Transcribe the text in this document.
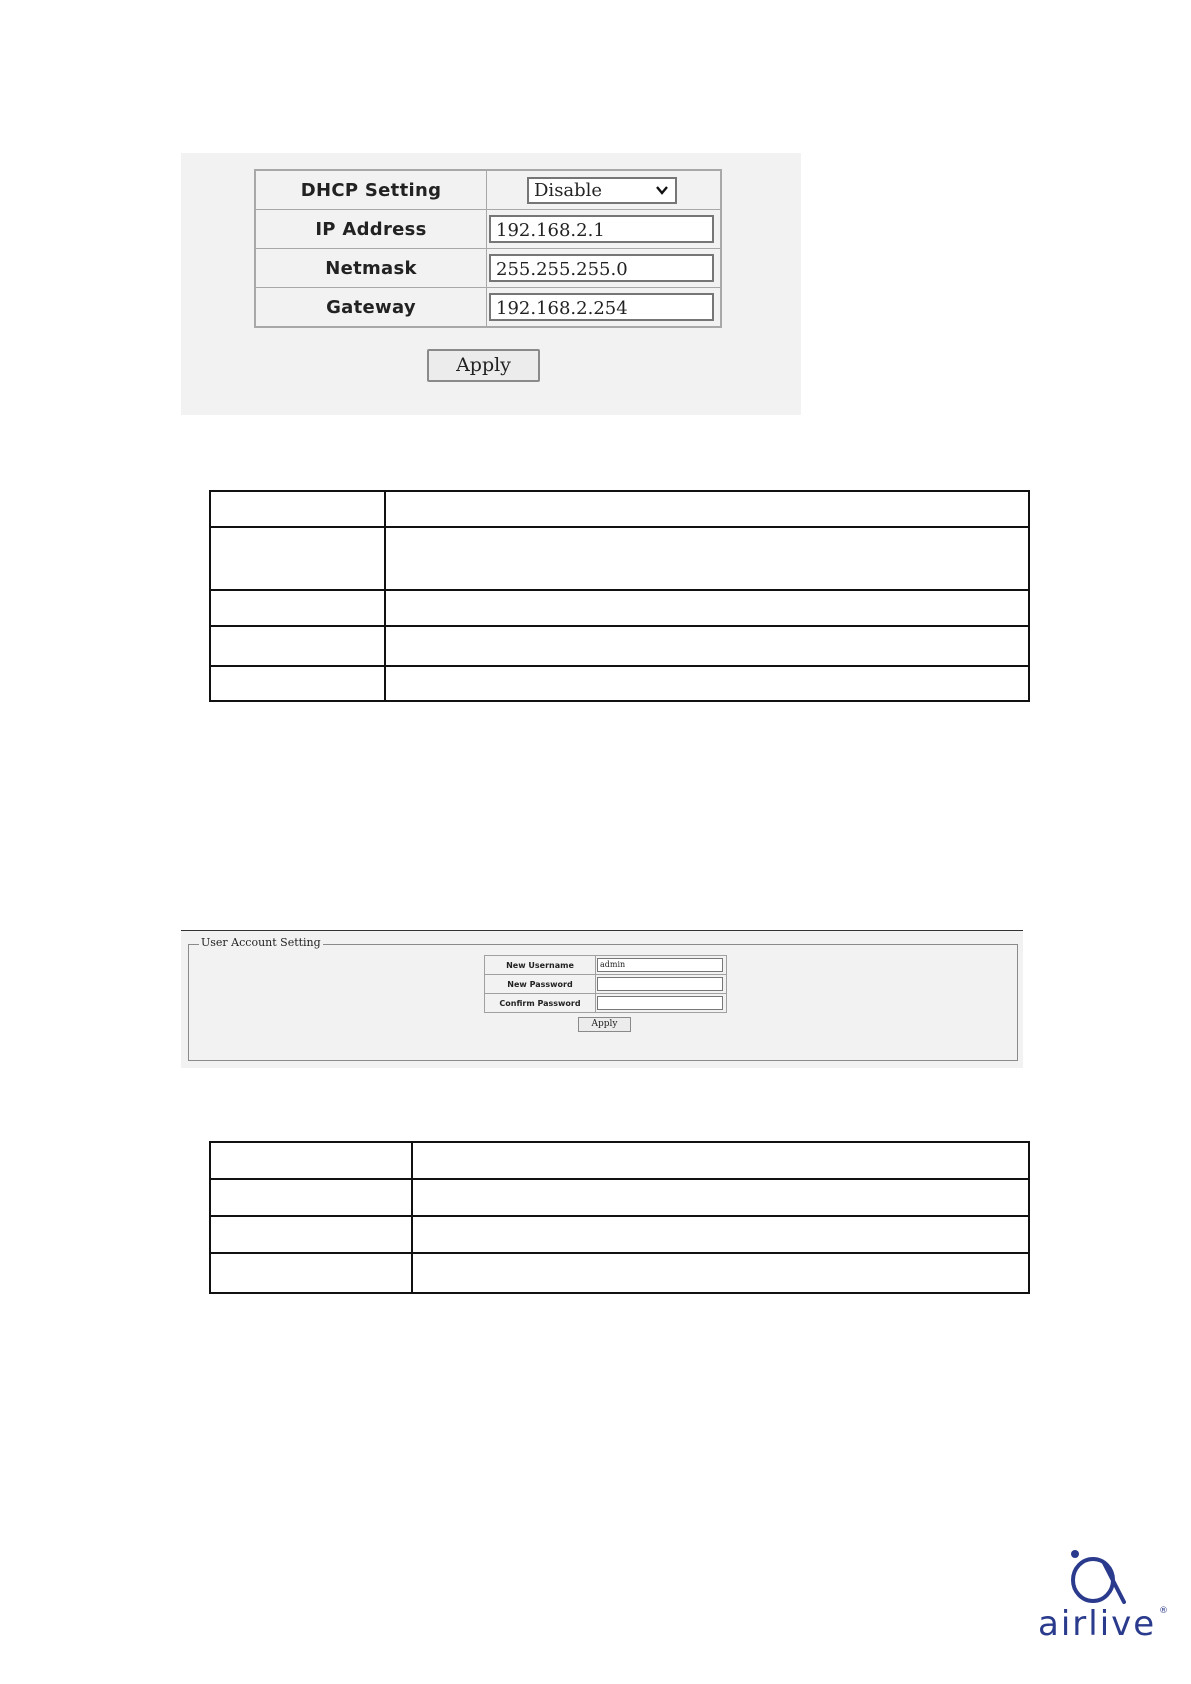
DHCP Setting	Disable

IP Address	192.168.2.1

Netmask	255.255.255.0

Gateway	192.168.2.254
Apply

User Account Setting
New Username	admin

New Password	

Confirm Password	
Apply

airlive ®
